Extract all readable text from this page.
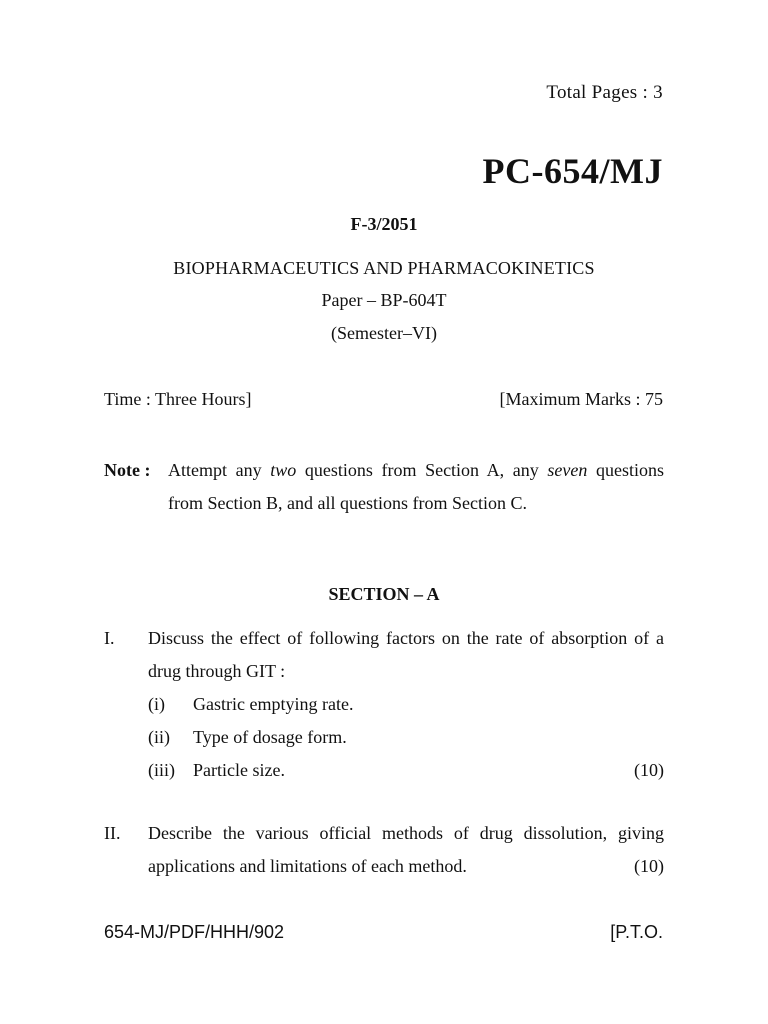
Total Pages : 3
PC-654/MJ
F-3/2051
BIOPHARMACEUTICS AND PHARMACOKINETICS
Paper – BP-604T
(Semester–VI)
Time : Three Hours]	[Maximum Marks : 75
Note : Attempt any two questions from Section A, any seven questions from Section B, and all questions from Section C.
SECTION – A
I. Discuss the effect of following factors on the rate of absorption of a drug through GIT :
(i)	Gastric emptying rate.
(ii)	Type of dosage form.
(iii)	Particle size.	(10)
II. Describe the various official methods of drug dissolution, giving applications and limitations of each method.	(10)
654-MJ/PDF/HHH/902	[P.T.O.
